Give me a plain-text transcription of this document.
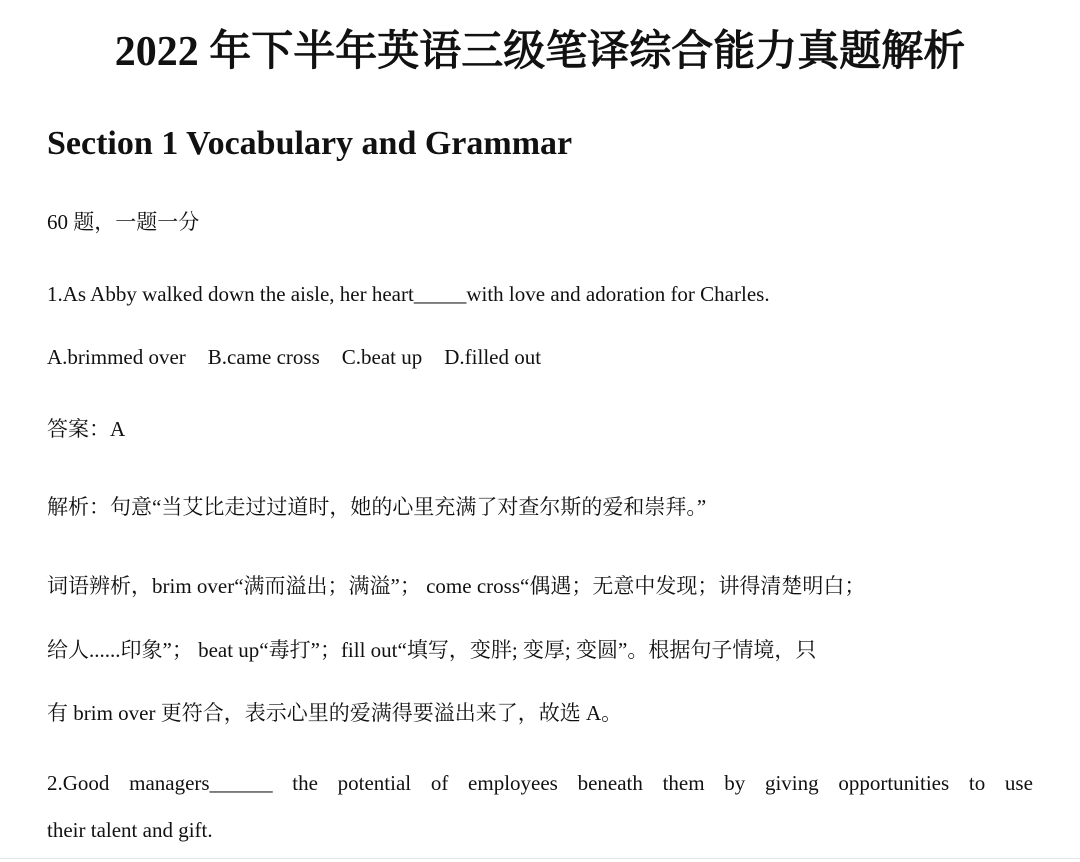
2022 年下半年英语三级笔译综合能力真题解析
Section 1 Vocabulary and Grammar

60 题，一题一分

1.As Abby walked down the aisle, her heart_____with love and adoration for Charles.

A.brimmed over B.came cross C.beat up D.filled out

答案：A

解析：句意“当艾比走过过道时，她的心里充满了对查尔斯的爱和崇拜。”

词语辨析，brim over“满而溢出；满溢”； come cross“偶遇；无意中发现；讲得清楚明白；

给人......印象”； beat up“毒打”；fill out“填写，变胖; 变厚; 变圆”。根据句子情境，只

有 brim over 更符合，表示心里的爱满得要溢出来了，故选 A。

2.Good managers______ the potential of employees beneath them by giving opportunities to use

their talent and gift.
